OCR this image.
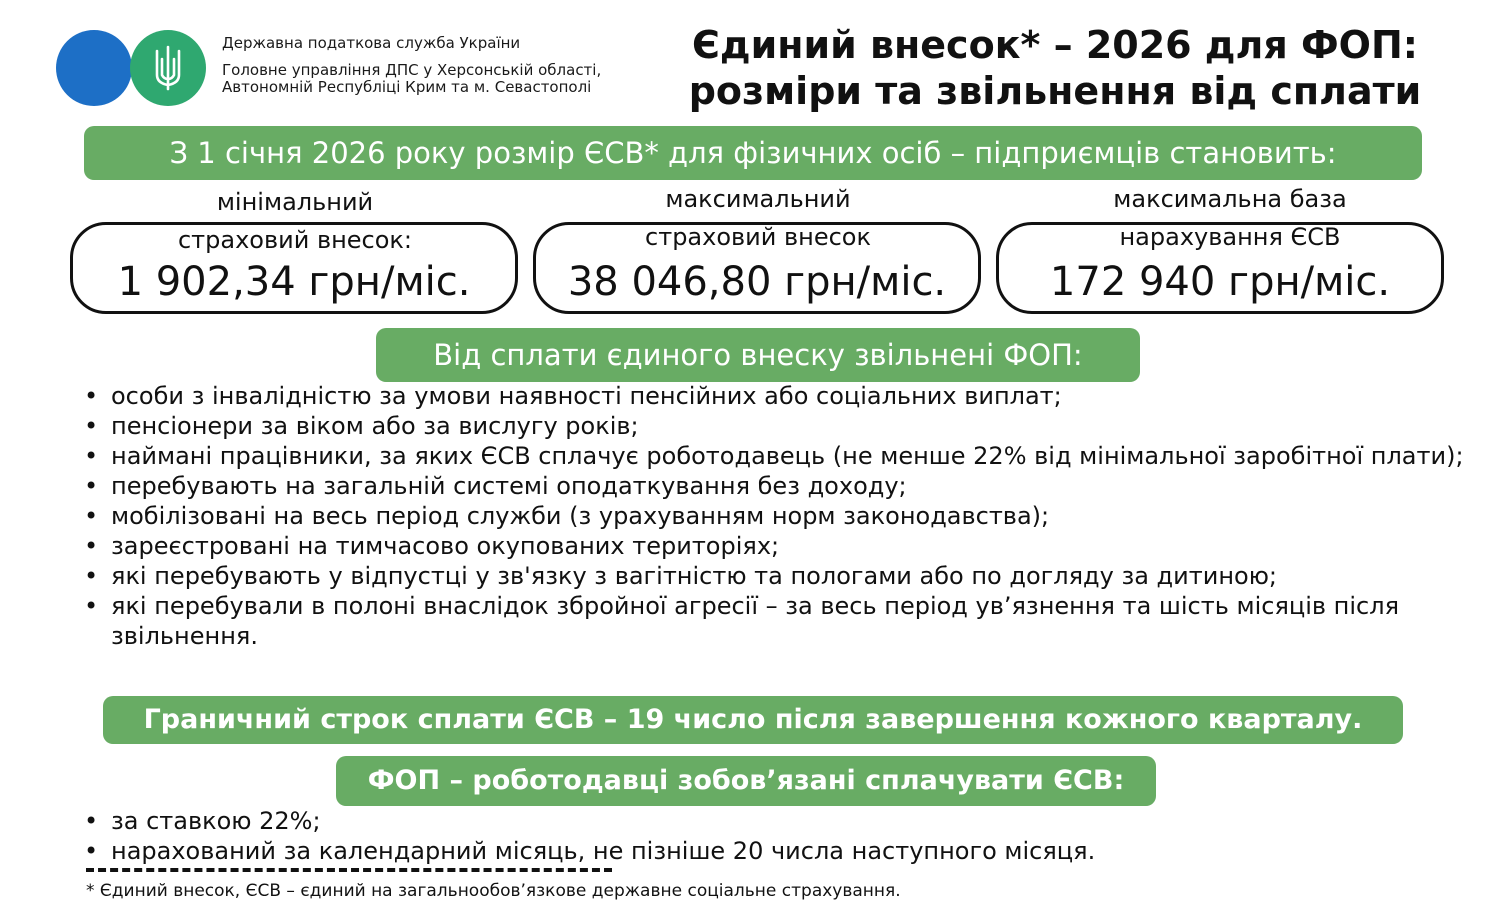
Державна податкова служба України
Головне управління ДПС у Херсонській області,
Автономній Республіці Крим та м. Севастополі
Єдиний внесок* – 2026 для ФОП:
розміри та звільнення від сплати
З 1 січня 2026 року розмір ЄСВ* для фізичних осіб – підприємців становить:
мінімальний
страховий внесок:
максимальний
страховий внесок
максимальна база
нарахування ЄСВ
1 902,34 грн/міс.	38 046,80 грн/міс.	172 940 грн/міс.
Від сплати єдиного внеску звільнені ФОП:
• особи з інвалідністю за умови наявності пенсійних або соціальних виплат;
• пенсіонери за віком або за вислугу років;
• наймані працівники, за яких ЄСВ сплачує роботодавець (не менше 22% від мінімальної заробітної плати);
• перебувають на загальній системі оподаткування без доходу;
• мобілізовані на весь період служби (з урахуванням норм законодавства);
• зареєстровані на тимчасово окупованих територіях;
• які перебувають у відпустці у зв'язку з вагітністю та пологами або по догляду за дитиною;
• які перебували в полоні внаслідок збройної агресії – за весь період ув’язнення та шість місяців після звільнення.
Граничний строк сплати ЄСВ – 19 число після завершення кожного кварталу.
ФОП – роботодавці зобов’язані сплачувати ЄСВ:
• за ставкою 22%;
• нарахований за календарний місяць, не пізніше 20 числа наступного місяця.
* Єдиний внесок, ЄСВ – єдиний на загальнообов’язкове державне соціальне страхування.
